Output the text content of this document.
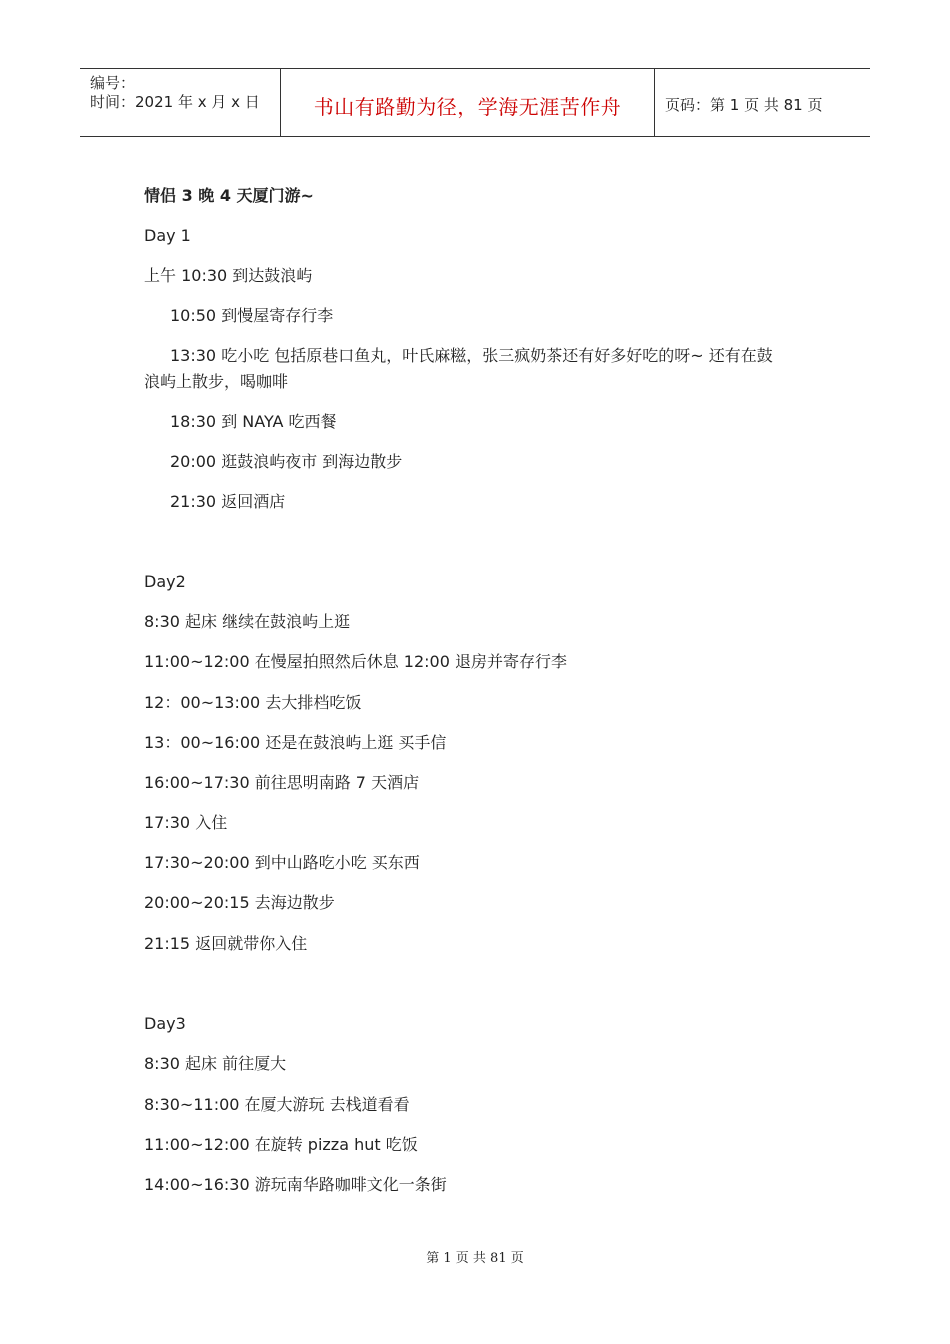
编号：
时间：2021 年 x 月 x 日	书山有路勤为径，学海无涯苦作舟	页码：第 1 页 共 81 页
情侣 3 晚 4 天厦门游~
Day 1
上午 10:30 到达鼓浪屿
10:50 到慢屋寄存行李
13:30 吃小吃 包括原巷口鱼丸，叶氏麻糍，张三疯奶茶还有好多好吃的呀~ 还有在鼓
浪屿上散步，喝咖啡
18:30 到 NAYA 吃西餐
20:00 逛鼓浪屿夜市 到海边散步
21:30 返回酒店
Day2
8:30 起床 继续在鼓浪屿上逛
11:00~12:00 在慢屋拍照然后休息 12:00 退房并寄存行李
12：00~13:00 去大排档吃饭
13：00~16:00 还是在鼓浪屿上逛 买手信
16:00~17:30 前往思明南路 7 天酒店
17:30 入住
17:30~20:00 到中山路吃小吃 买东西
20:00~20:15 去海边散步
21:15 返回就带你入住
Day3
8:30 起床 前往厦大
8:30~11:00 在厦大游玩 去栈道看看
11:00~12:00 在旋转 pizza hut 吃饭
14:00~16:30 游玩南华路咖啡文化一条街
第 1 页 共 81 页
